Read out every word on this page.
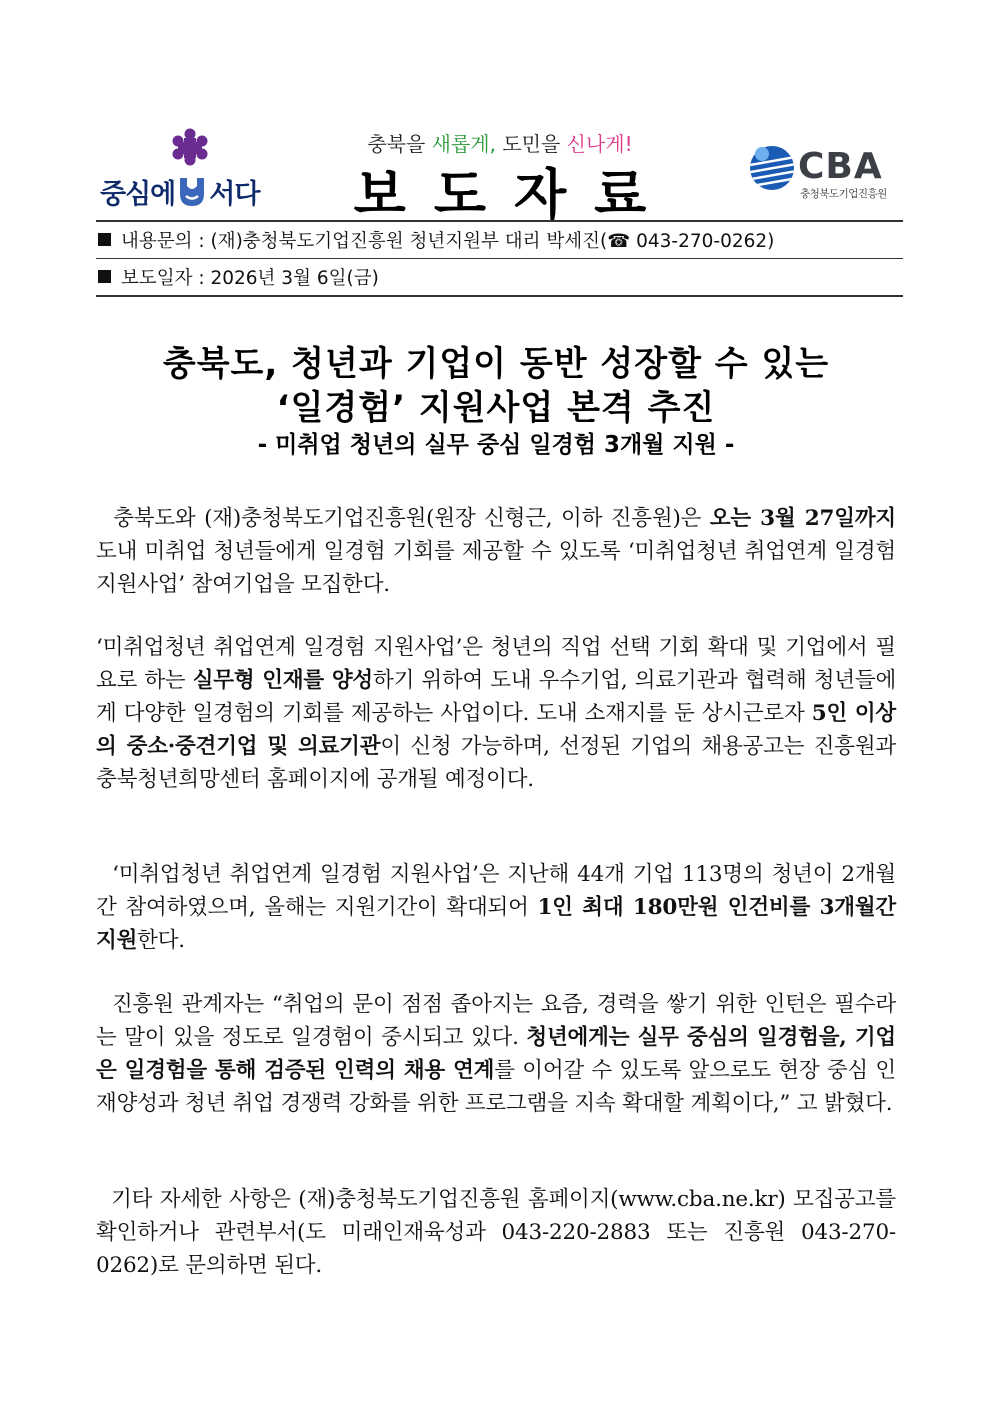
중심에 서다
충북을 새롭게, 도민을 신나게!
보도자료	CBA
충청북도기업진흥원
내용문의 : (재)충청북도기업진흥원 청년지원부 대리 박세진(☎ 043-270-0262)
보도일자 : 2026년 3월 6일(금)
충북도, 청년과 기업이 동반 성장할 수 있는
‘일경험’ 지원사업 본격 추진
- 미취업 청년의 실무 중심 일경험 3개월 지원 -

충북도와 (재)충청북도기업진흥원(원장 신형근, 이하 진흥원)은 오는 3월 27일까지 도내 미취업 청년들에게 일경험 기회를 제공할 수 있도록 ‘미취업청년 취업연계 일경험 지원사업’ 참여기업을 모집한다.

‘미취업청년 취업연계 일경험 지원사업’은 청년의 직업 선택 기회 확대 및 기업에서 필요로 하는 실무형 인재를 양성하기 위하여 도내 우수기업, 의료기관과 협력해 청년들에게 다양한 일경험의 기회를 제공하는 사업이다. 도내 소재지를 둔 상시근로자 5인 이상의 중소·중견기업 및 의료기관이 신청 가능하며, 선정된 기업의 채용공고는 진흥원과 충북청년희망센터 홈페이지에 공개될 예정이다.

‘미취업청년 취업연계 일경험 지원사업’은 지난해 44개 기업 113명의 청년이 2개월간 참여하였으며, 올해는 지원기간이 확대되어 1인 최대 180만원 인건비를 3개월간 지원한다.

진흥원 관계자는 “취업의 문이 점점 좁아지는 요즘, 경력을 쌓기 위한 인턴은 필수라는 말이 있을 정도로 일경험이 중시되고 있다. 청년에게는 실무 중심의 일경험을, 기업은 일경험을 통해 검증된 인력의 채용 연계를 이어갈 수 있도록 앞으로도 현장 중심 인재양성과 청년 취업 경쟁력 강화를 위한 프로그램을 지속 확대할 계획이다,” 고 밝혔다.

기타 자세한 사항은 (재)충청북도기업진흥원 홈페이지(www.cba.ne.kr) 모집공고를 확인하거나 관련부서(도 미래인재육성과 043-220-2883 또는 진흥원 043-270-0262)로 문의하면 된다.
